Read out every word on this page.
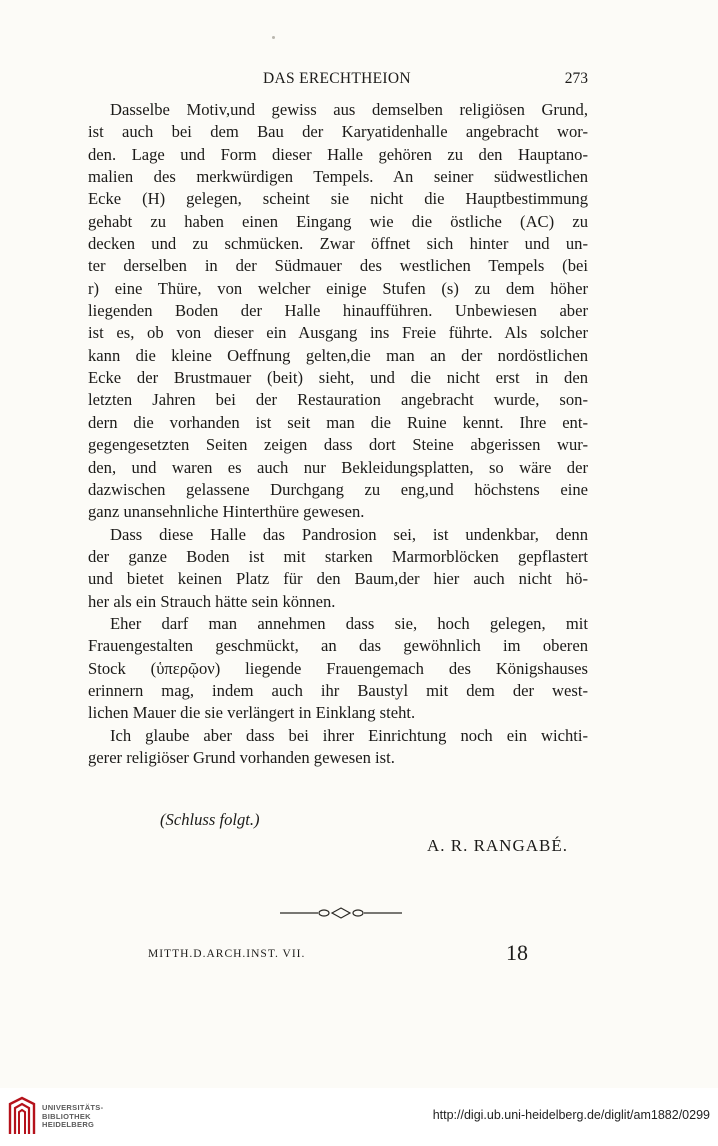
DAS ERECHTHEION	273
Dasselbe Motiv,und gewiss aus demselben religiösen Grund,
ist auch bei dem Bau der Karyatidenhalle angebracht wor-
den. Lage und Form dieser Halle gehören zu den Hauptano-
malien des merkwürdigen Tempels. An seiner südwestlichen
Ecke (H) gelegen, scheint sie nicht die Hauptbestimmung
gehabt zu haben einen Eingang wie die östliche (AC) zu
decken und zu schmücken. Zwar öffnet sich hinter und un-
ter derselben in der Südmauer des westlichen Tempels (bei
r) eine Thüre, von welcher einige Stufen (s) zu dem höher
liegenden Boden der Halle hinaufführen. Unbewiesen aber
ist es, ob von dieser ein Ausgang ins Freie führte. Als solcher
kann die kleine Oeffnung gelten,die man an der nordöstlichen
Ecke der Brustmauer (beit) sieht, und die nicht erst in den
letzten Jahren bei der Restauration angebracht wurde, son-
dern die vorhanden ist seit man die Ruine kennt. Ihre ent-
gegengesetzten Seiten zeigen dass dort Steine abgerissen wur-
den, und waren es auch nur Bekleidungsplatten, so wäre der
dazwischen gelassene Durchgang zu eng,und höchstens eine
ganz unansehnliche Hinterthüre gewesen.
Dass diese Halle das Pandrosion sei, ist undenkbar, denn
der ganze Boden ist mit starken Marmorblöcken gepflastert
und bietet keinen Platz für den Baum,der hier auch nicht hö-
her als ein Strauch hätte sein können.
Eher darf man annehmen dass sie, hoch gelegen, mit
Frauengestalten geschmückt, an das gewöhnlich im oberen
Stock (ὑπερῷον) liegende Frauengemach des Königshauses
erinnern mag, indem auch ihr Baustyl mit dem der west-
lichen Mauer die sie verlängert in Einklang steht.
Ich glaube aber dass bei ihrer Einrichtung noch ein wichti-
gerer religiöser Grund vorhanden gewesen ist.
(Schluss folgt.)
A. R. RANGABÉ.
MITTH.D.ARCH.INST. VII.	18
UNIVERSITÄTS-
BIBLIOTHEK
HEIDELBERG
http://digi.ub.uni-heidelberg.de/diglit/am1882/0299
